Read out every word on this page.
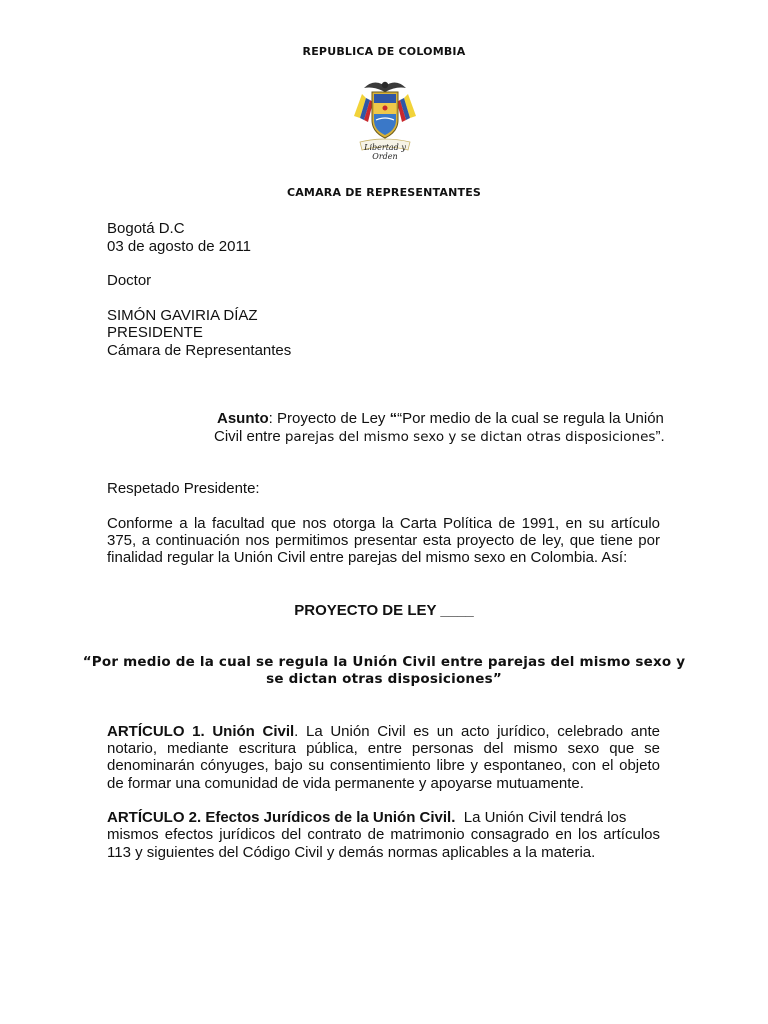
REPUBLICA DE COLOMBIA
Libertad y Orden
CAMARA DE REPRESENTANTES
Bogotá D.C
03 de agosto de 2011
Doctor
SIMÓN GAVIRIA DÍAZ
PRESIDENTE
Cámara de Representantes
Asunto: Proyecto de Ley ““Por medio de la cual se regula la Unión
Civil entre parejas del mismo sexo y se dictan otras disposiciones”.
Respetado Presidente:
Conforme a la facultad que nos otorga la Carta Política de 1991, en su artículo
375, a continuación nos permitimos presentar esta proyecto de ley, que tiene por
finalidad regular la Unión Civil entre parejas del mismo sexo en Colombia. Así:
PROYECTO DE LEY ____
“Por medio de la cual se regula la Unión Civil entre parejas del mismo sexo y
se dictan otras disposiciones”
ARTÍCULO 1. Unión Civil. La Unión Civil es un acto jurídico, celebrado ante
notario, mediante escritura pública, entre personas del mismo sexo que se
denominarán cónyuges, bajo su consentimiento libre y espontaneo, con el objeto
de formar una comunidad de vida permanente y apoyarse mutuamente.
ARTÍCULO 2. Efectos Jurídicos de la Unión Civil.  La Unión Civil tendrá los
mismos efectos jurídicos del contrato de matrimonio consagrado en los artículos
113 y siguientes del Código Civil y demás normas aplicables a la materia.
